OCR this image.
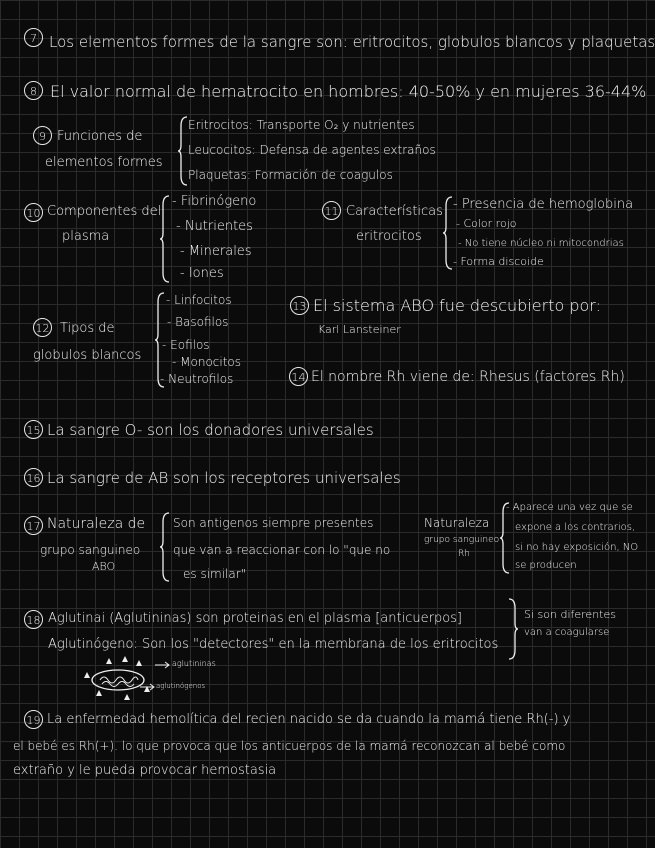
7 Los elementos formes de la sangre son: eritrocitos, globulos blancos y plaquetas
8 El valor normal de hematrocito en hombres: 40-50% y en mujeres 36-44%
9 Funciones de
elementos formes
Eritrocitos: Transporte O₂ y nutrientes
Leucocitos: Defensa de agentes extraños
Plaquetas: Formación de coagulos
10 Componentes del
plasma
- Fibrinógeno
- Nutrientes
- Minerales
- Iones
11 Características
eritrocitos
- Presencia de hemoglobina
- Color rojo
- No tiene núcleo ni mitocondrias
- Forma discoide
12 Tipos de
globulos blancos
- Linfocitos
- Basofilos
- Eofilos
- Monocitos
- Neutrofilos
13 El sistema ABO fue descubierto por:
Karl Lansteiner
14 El nombre Rh viene de: Rhesus (factores Rh)
15 La sangre O- son los donadores universales
16 La sangre de AB son los receptores universales
17 Naturaleza de
grupo sanguineo
ABO
Son antigenos siempre presentes
que van a reaccionar con lo "que no
es similar"
Naturaleza
grupo sanguineo
Rh
- Aparece una vez que se
expone a los contrarios,
si no hay exposición, NO
se producen
18 Aglutinai (Aglutininas) son proteinas en el plasma [anticuerpos]
Aglutinógeno: Son los "detectores" en la membrana de los eritrocitos
Si son diferentes
van a coagularse
aglutininas
aglutinógenos
19 La enfermedad hemolítica del recien nacido se da cuando la mamá tiene Rh(-) y
el bebé es Rh(+). lo que provoca que los anticuerpos de la mamá reconozcan al bebé como
extraño y le pueda provocar hemostasia
